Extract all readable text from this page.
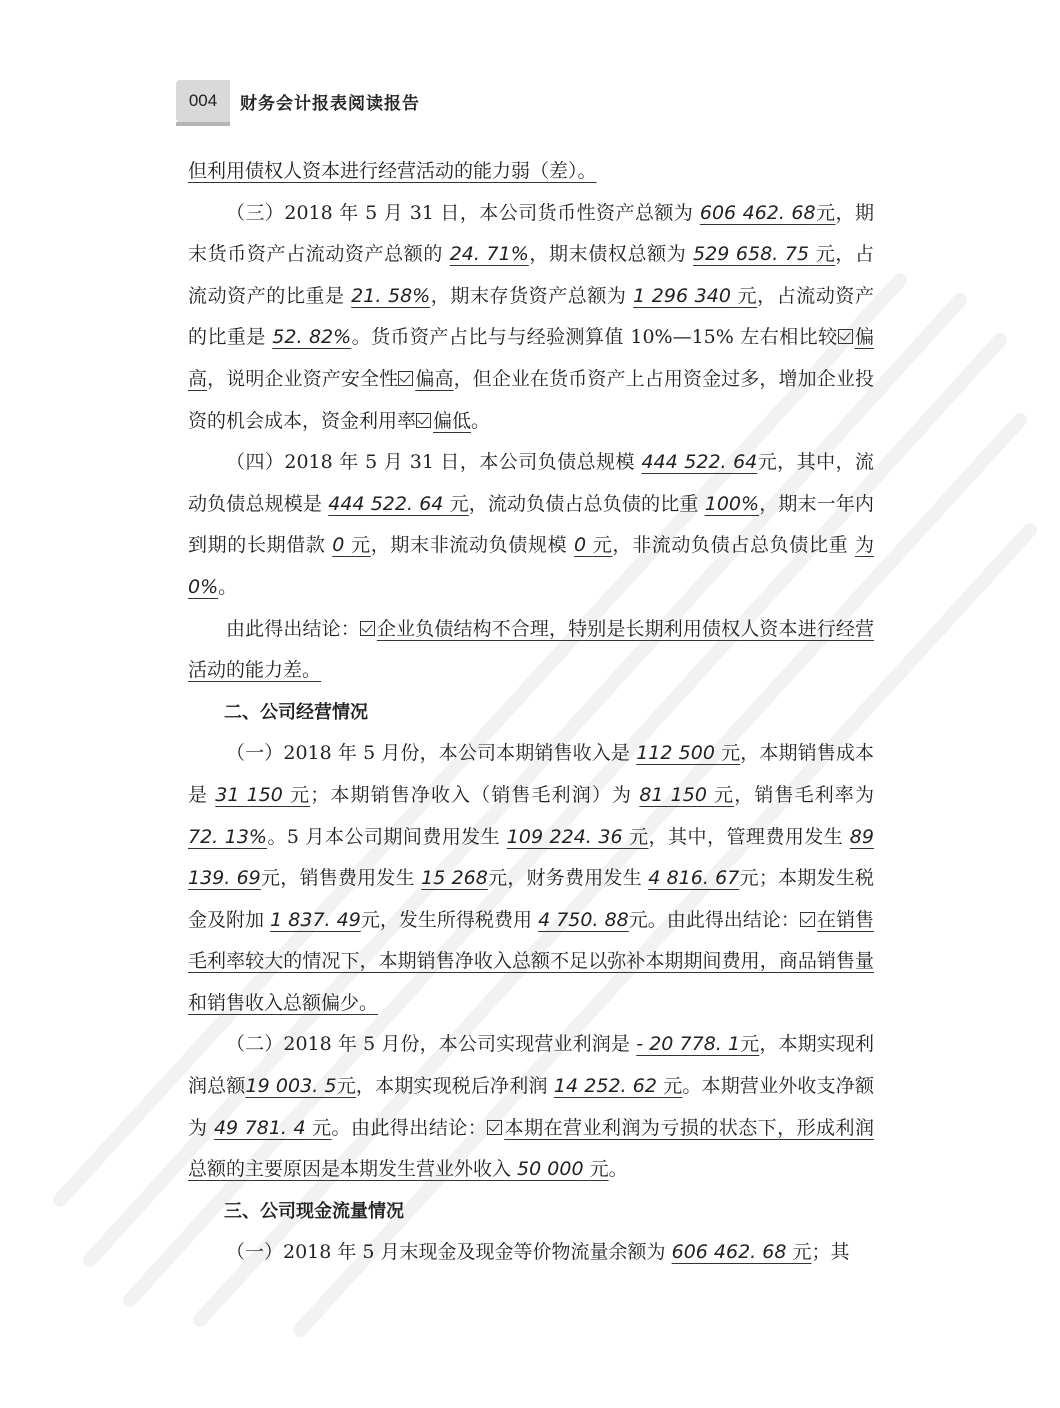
004 财务会计报表阅读报告
但利用债权人资本进行经营活动的能力弱（差）。
（三）2018 年 5 月 31 日，本公司货币性资产总额为 606 462. 68元，期末货币资产占流动资产总额的 24. 71%，期末债权总额为 529 658. 75 元，占流动资产的比重是 21. 58%，期末存货资产总额为 1 296 340 元，占流动资产的比重是 52. 82%。货币资产占比与与经验测算值 10%—15% 左右相比较 偏高，说明企业资产安全性 偏高，但企业在货币资产上占用资金过多，增加企业投资的机会成本，资金利用率 偏低。
（四）2018 年 5 月 31 日，本公司负债总规模 444 522. 64元，其中，流动负债总规模是 444 522. 64 元，流动负债占总负债的比重 100%，期末一年内到期的长期借款 0 元，期末非流动负债规模 0 元，非流动负债占总负债比重 为 0%。
由此得出结论： 企业负债结构不合理，特别是长期利用债权人资本进行经营活动的能力差。
二、公司经营情况
（一）2018 年 5 月份，本公司本期销售收入是 112 500 元，本期销售成本是 31 150 元；本期销售净收入（销售毛利润）为 81 150 元，销售毛利率为 72. 13%。5 月本公司期间费用发生 109 224. 36 元，其中，管理费用发生 89 139. 69元，销售费用发生 15 268元，财务费用发生 4 816. 67元；本期发生税金及附加 1 837. 49元，发生所得税费用 4 750. 88元。由此得出结论： 在销售毛利率较大的情况下，本期销售净收入总额不足以弥补本期期间费用，商品销售量和销售收入总额偏少。
（二）2018 年 5 月份，本公司实现营业利润是 - 20 778. 1元，本期实现利润总额19 003. 5元，本期实现税后净利润 14 252. 62 元。本期营业外收支净额为 49 781. 4 元。由此得出结论： 本期在营业利润为亏损的状态下，形成利润总额的主要原因是本期发生营业外收入 50 000 元。
三、公司现金流量情况
（一）2018 年 5 月末现金及现金等价物流量余额为 606 462. 68 元；其
